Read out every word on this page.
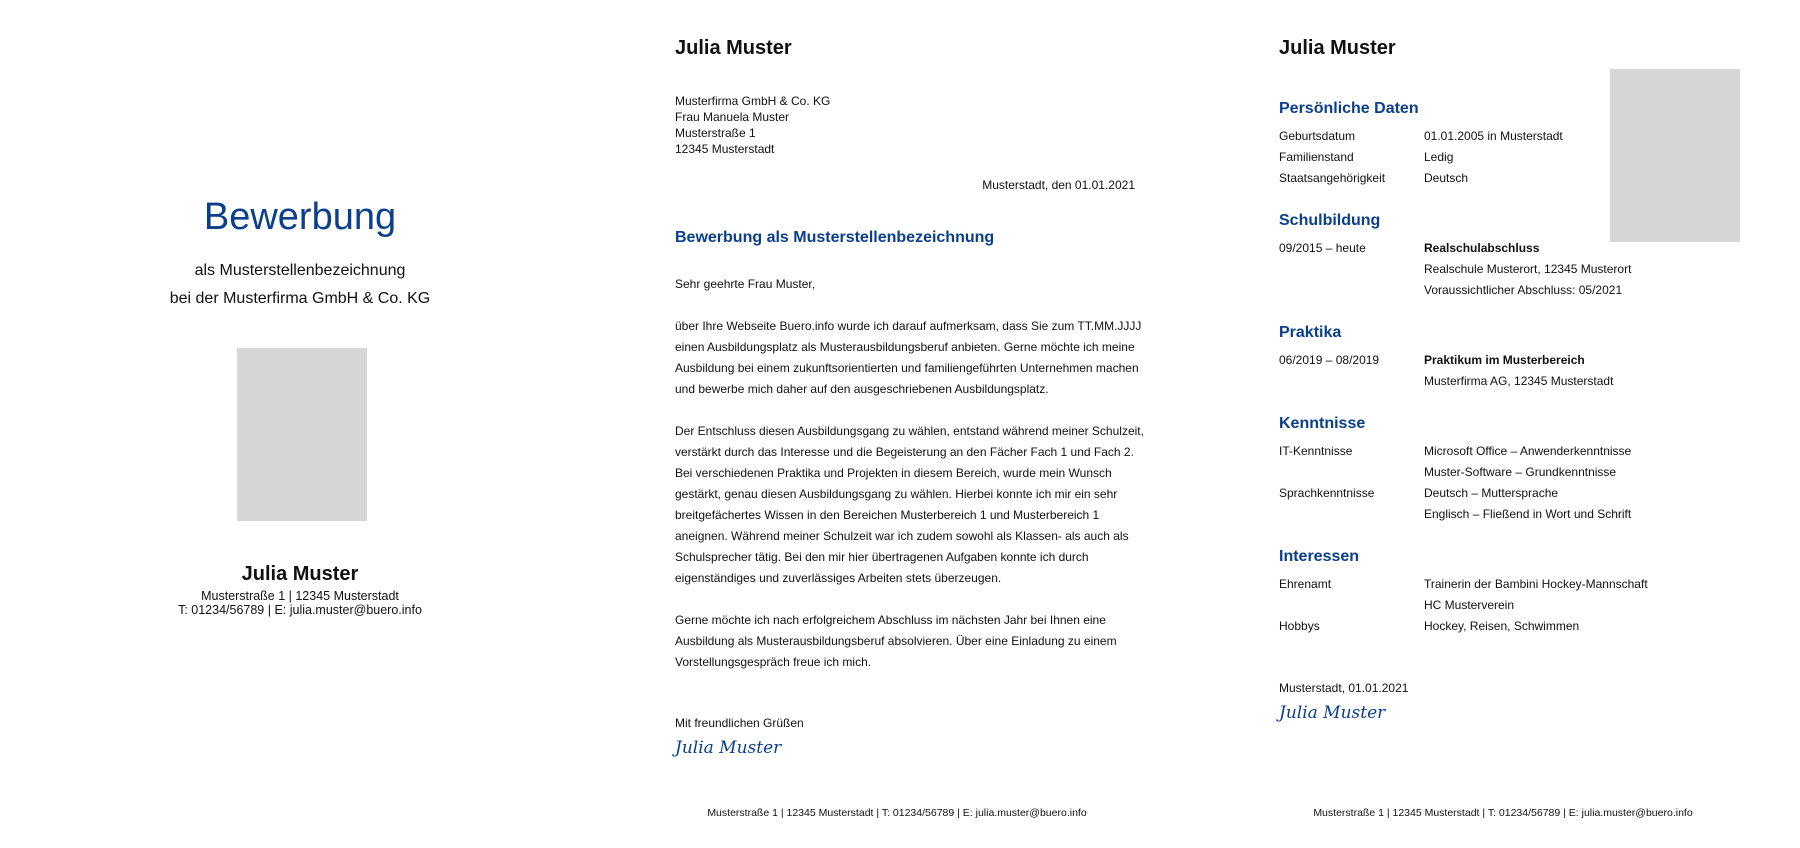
Bewerbung
als Musterstellenbezeichnung
bei der Musterfirma GmbH & Co. KG
Julia Muster
Musterstraße 1 | 12345 Musterstadt
T: 01234/56789 | E: julia.muster@buero.info
Julia Muster
Musterfirma GmbH & Co. KG
Frau Manuela Muster
Musterstraße 1
12345 Musterstadt
Musterstadt, den 01.01.2021
Bewerbung als Musterstellenbezeichnung

Sehr geehrte Frau Muster,

über Ihre Webseite Buero.info wurde ich darauf aufmerksam, dass Sie zum TT.MM.JJJJ einen Ausbildungsplatz als Musterausbildungsberuf anbieten. Gerne möchte ich meine Ausbildung bei einem zukunftsorientierten und familiengeführten Unternehmen machen und bewerbe mich daher auf den ausgeschriebenen Ausbildungsplatz.

Der Entschluss diesen Ausbildungsgang zu wählen, entstand während meiner Schulzeit, verstärkt durch das Interesse und die Begeisterung an den Fächer Fach 1 und Fach 2. Bei verschiedenen Praktika und Projekten in diesem Bereich, wurde mein Wunsch gestärkt, genau diesen Ausbildungsgang zu wählen. Hierbei konnte ich mir ein sehr breitgefächertes Wissen in den Bereichen Musterbereich 1 und Musterbereich 1 aneignen. Während meiner Schulzeit war ich zudem sowohl als Klassen- als auch als Schulsprecher tätig. Bei den mir hier übertragenen Aufgaben konnte ich durch eigenständiges und zuverlässiges Arbeiten stets überzeugen.

Gerne möchte ich nach erfolgreichem Abschluss im nächsten Jahr bei Ihnen eine Ausbildung als Musterausbildungsberuf absolvieren. Über eine Einladung zu einem Vorstellungsgespräch freue ich mich.

Mit freundlichen Grüßen
Julia Muster
Musterstraße 1 | 12345 Musterstadt | T: 01234/56789 | E: julia.muster@buero.info
Julia Muster
Persönliche Daten
Geburtsdatum	01.01.2005 in Musterstadt
Familienstand	Ledig
Staatsangehörigkeit	Deutsch
Schulbildung
09/2015 – heute	Realschulabschluss
Realschule Musterort, 12345 Musterort
Voraussichtlicher Abschluss: 05/2021
Praktika
06/2019 – 08/2019	Praktikum im Musterbereich
Musterfirma AG, 12345 Musterstadt
Kenntnisse
IT-Kenntnisse	Microsoft Office – Anwenderkenntnisse
Muster-Software – Grundkenntnisse
Sprachkenntnisse	Deutsch – Muttersprache
Englisch – Fließend in Wort und Schrift
Interessen
Ehrenamt	Trainerin der Bambini Hockey-Mannschaft
HC Musterverein
Hobbys	Hockey, Reisen, Schwimmen
Musterstadt, 01.01.2021
Julia Muster
Musterstraße 1 | 12345 Musterstadt | T: 01234/56789 | E: julia.muster@buero.info
